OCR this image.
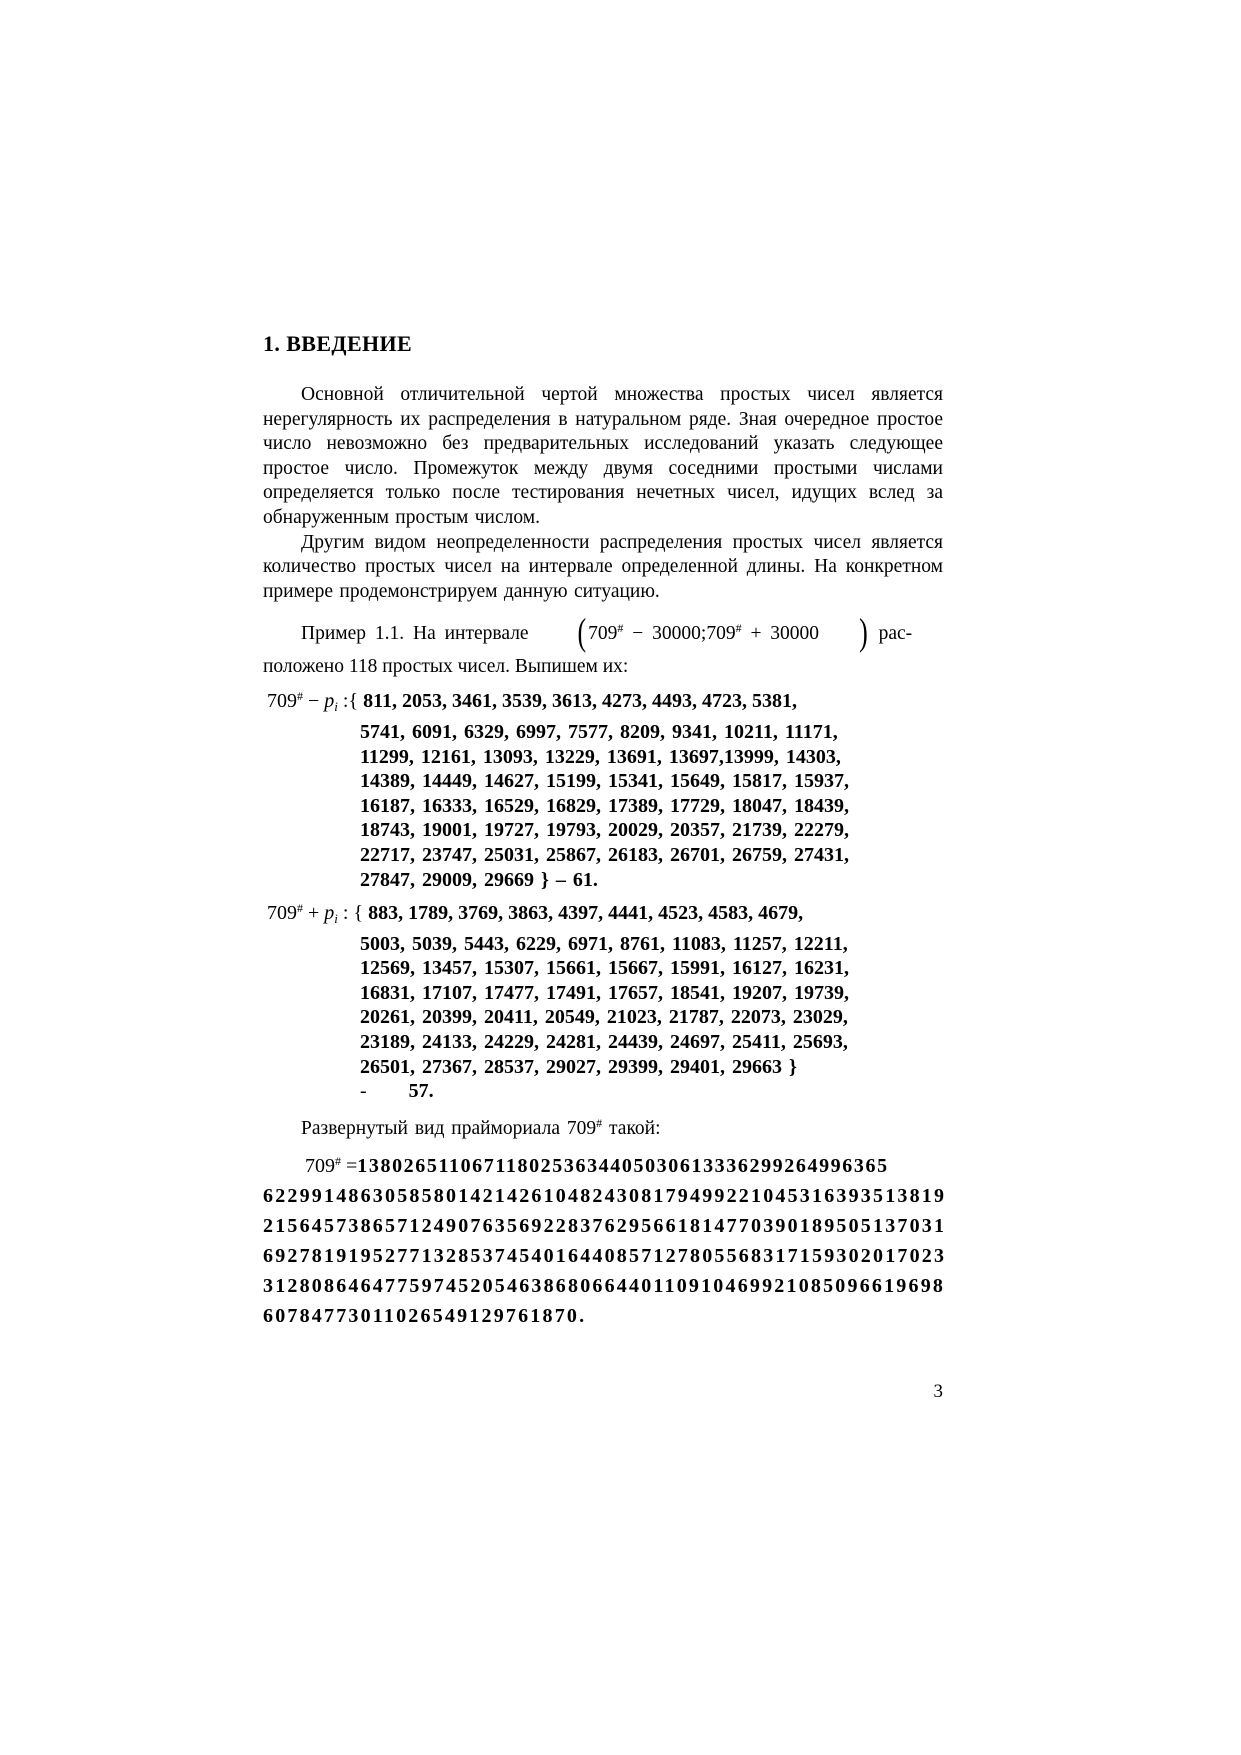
1. ВВЕДЕНИЕ

Основной отличительной чертой множества простых чисел является нерегулярность их распределения в натуральном ряде. Зная очередное простое число невозможно без предварительных исследований указать следующее простое число. Промежуток между двумя соседними простыми числами определяется только после тестирования нечетных чисел, идущих вслед за обнаруженным простым числом.

Другим видом неопределенности распределения простых чисел является количество простых чисел на интервале определенной длины. На конкретном примере продемонстрируем данную ситуацию.

Пример 1.1. На интервале ( 709# − 30000;709# + 30000 ) рас-
положено 118 простых чисел. Выпишем их:
$709^{\#} - p_i$ :{ 811, 2053, 3461, 3539, 3613, 4273, 4493, 4723, 5381,
5741, 6091, 6329, 6997, 7577, 8209, 9341, 10211, 11171,
11299, 12161, 13093, 13229, 13691, 13697,13999, 14303,
14389, 14449, 14627, 15199, 15341, 15649, 15817, 15937,
16187, 16333, 16529, 16829, 17389, 17729, 18047, 18439,
18743, 19001, 19727, 19793, 20029, 20357, 21739, 22279,
22717, 23747, 25031, 25867, 26183, 26701, 26759, 27431,
27847, 29009, 29669 } – 61.
$709^{\#} + p_i$ : { 883, 1789, 3769, 3863, 4397, 4441, 4523, 4583, 4679,
5003, 5039, 5443, 6229, 6971, 8761, 11083, 11257, 12211,
12569, 13457, 15307, 15661, 15667, 15991, 16127, 16231,
16831, 17107, 17477, 17491, 17657, 18541, 19207, 19739,
20261, 20399, 20411, 20549, 21023, 21787, 22073, 23029,
23189, 24133, 24229, 24281, 24439, 24697, 25411, 25693,
26501, 27367, 28537, 29027, 29399, 29401, 29663 }
- 57.
Развернутый вид праймориала 709# такой:
709# =1380265110671180253634405030613336299264996365
62299148630585801421426104824308179499221045316393513819
21564573865712490763569228376295661814770390189505137031
69278191952771328537454016440857127805568317159302017023
31280864647759745205463868066440110910469921085096619698
60784773011026549129761870.
3
